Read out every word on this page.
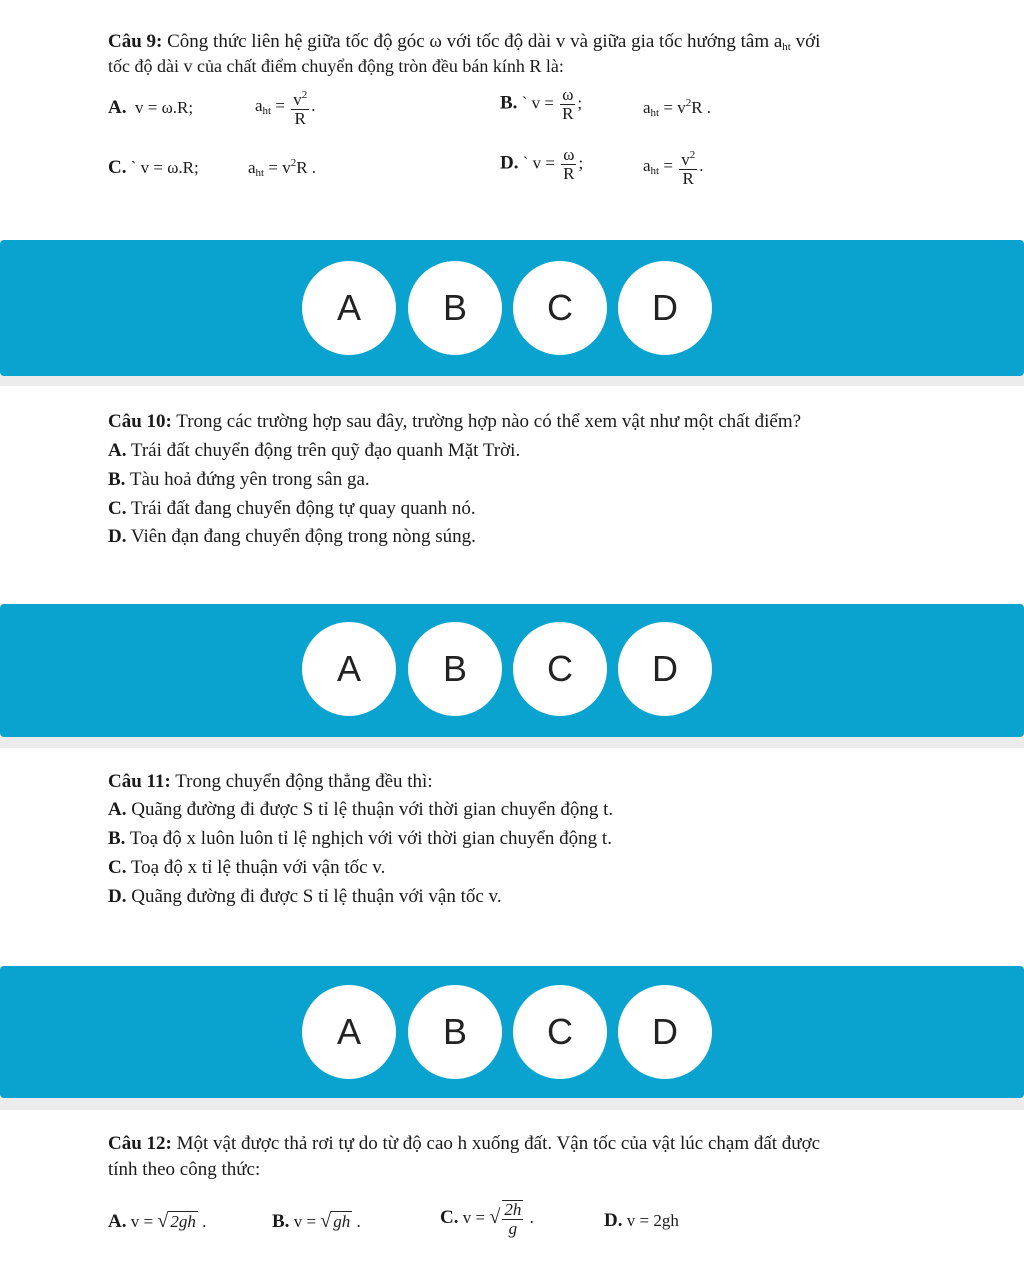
Câu 9: Công thức liên hệ giữa tốc độ góc ω với tốc độ dài v và giữa gia tốc hướng tâm $a_{ht}$ với
tốc độ dài v của chất điểm chuyển động tròn đều bán kính R là:
A. v = ω.R;	$a_{ht} = \frac{v^2}{R}$ .	B. ` $v = \frac{\omega}{R}$ ;	$a_{ht} = v^2R$ .
C. ` v = ω.R;	$a_{ht} = v^2R$ .	D. ` $v = \frac{\omega}{R}$ ;	$a_{ht} = \frac{v^2}{R}$ .
A	B	C	D
Câu 10: Trong các trường hợp sau đây, trường hợp nào có thể xem vật như một chất điểm?
A. Trái đất chuyển động trên quỹ đạo quanh Mặt Trời.
B. Tàu hoả đứng yên trong sân ga.
C. Trái đất đang chuyển động tự quay quanh nó.
D. Viên đạn đang chuyển động trong nòng súng.
A	B	C	D
Câu 11: Trong chuyển động thẳng đều thì:
A. Quãng đường đi được S tỉ lệ thuận với thời gian chuyển động t.
B. Toạ độ x luôn luôn tỉ lệ nghịch với với thời gian chuyển động t.
C. Toạ độ x tỉ lệ thuận với vận tốc v.
D. Quãng đường đi được S tỉ lệ thuận với vận tốc v.
A	B	C	D
Câu 12: Một vật được thả rơi tự do từ độ cao h xuống đất. Vận tốc của vật lúc chạm đất được
tính theo công thức:
A. v = √ 2gh .	B. v = √ gh .	C. v = √ $\frac{2h}{g}$ .	D. v = 2gh
